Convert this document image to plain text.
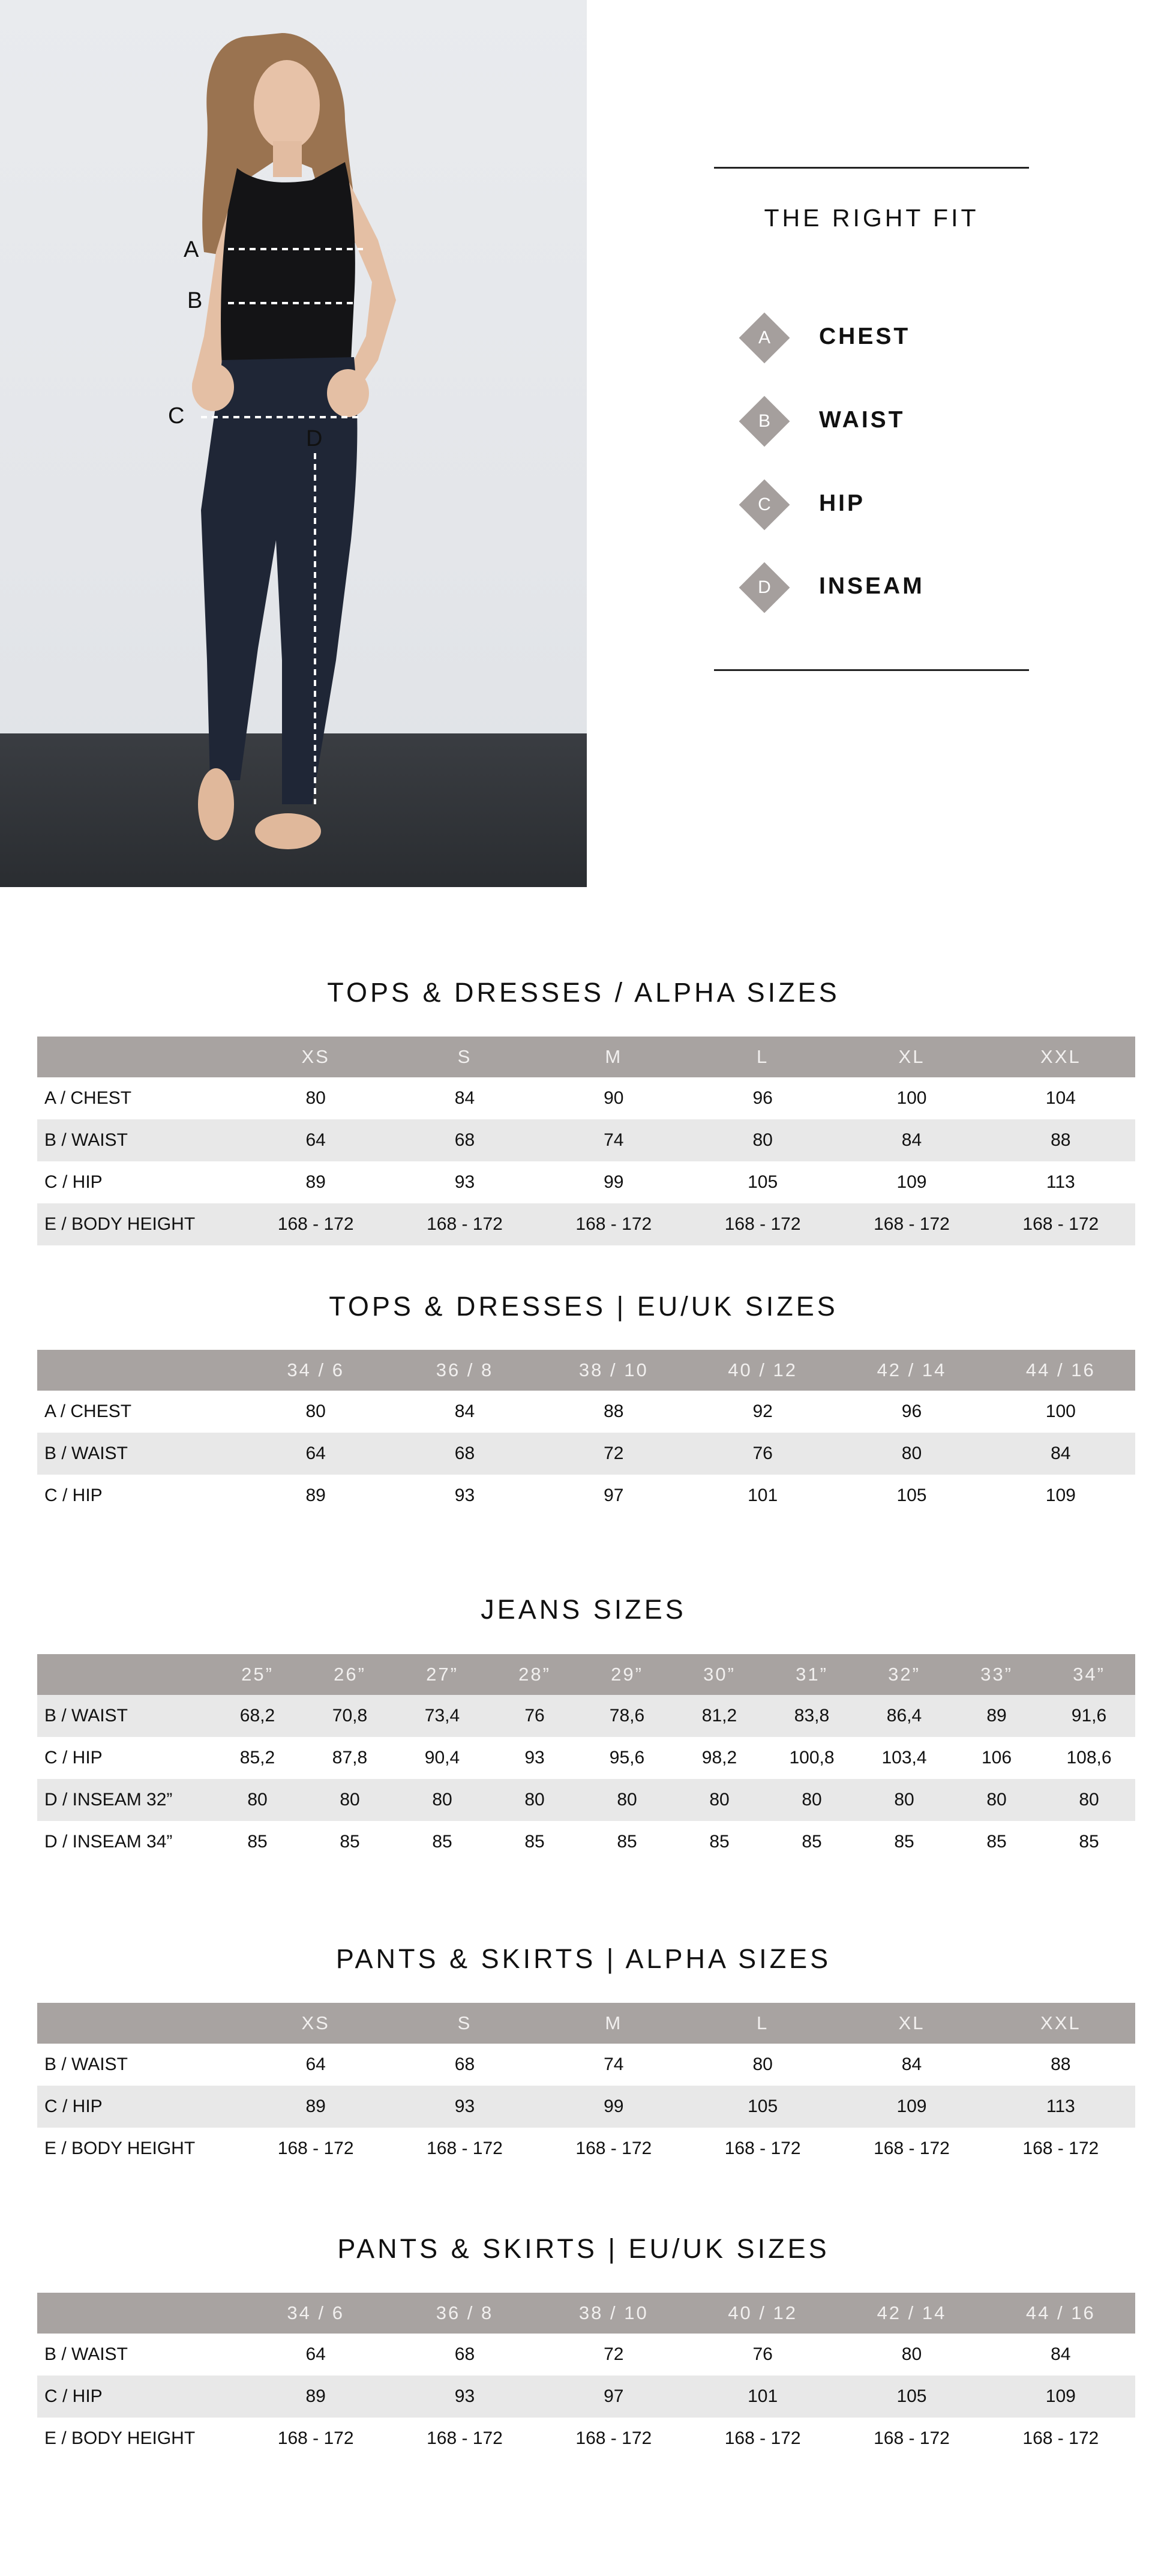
A
B
C
D
THE RIGHT FIT
A	CHEST
B	WAIST
C	HIP
D	INSEAM
TOPS & DRESSES / ALPHA SIZES
	XS	S	M	L	XL	XXL
A / CHEST	80	84	90	96	100	104
B / WAIST	64	68	74	80	84	88
C / HIP	89	93	99	105	109	113
E / BODY HEIGHT	168 - 172	168 - 172	168 - 172	168 - 172	168 - 172	168 - 172
TOPS & DRESSES | EU/UK SIZES
	34 / 6	36 / 8	38 / 10	40 / 12	42 / 14	44 / 16
A / CHEST	80	84	88	92	96	100
B / WAIST	64	68	72	76	80	84
C / HIP	89	93	97	101	105	109
JEANS SIZES
	25”	26”	27”	28”	29”	30”	31”	32”	33”	34”
B / WAIST	68,2	70,8	73,4	76	78,6	81,2	83,8	86,4	89	91,6
C / HIP	85,2	87,8	90,4	93	95,6	98,2	100,8	103,4	106	108,6
D / INSEAM 32”	80	80	80	80	80	80	80	80	80	80
D / INSEAM 34”	85	85	85	85	85	85	85	85	85	85
PANTS & SKIRTS | ALPHA SIZES
	XS	S	M	L	XL	XXL
B / WAIST	64	68	74	80	84	88
C / HIP	89	93	99	105	109	113
E / BODY HEIGHT	168 - 172	168 - 172	168 - 172	168 - 172	168 - 172	168 - 172
PANTS & SKIRTS | EU/UK SIZES
	34 / 6	36 / 8	38 / 10	40 / 12	42 / 14	44 / 16
B / WAIST	64	68	72	76	80	84
C / HIP	89	93	97	101	105	109
E / BODY HEIGHT	168 - 172	168 - 172	168 - 172	168 - 172	168 - 172	168 - 172
